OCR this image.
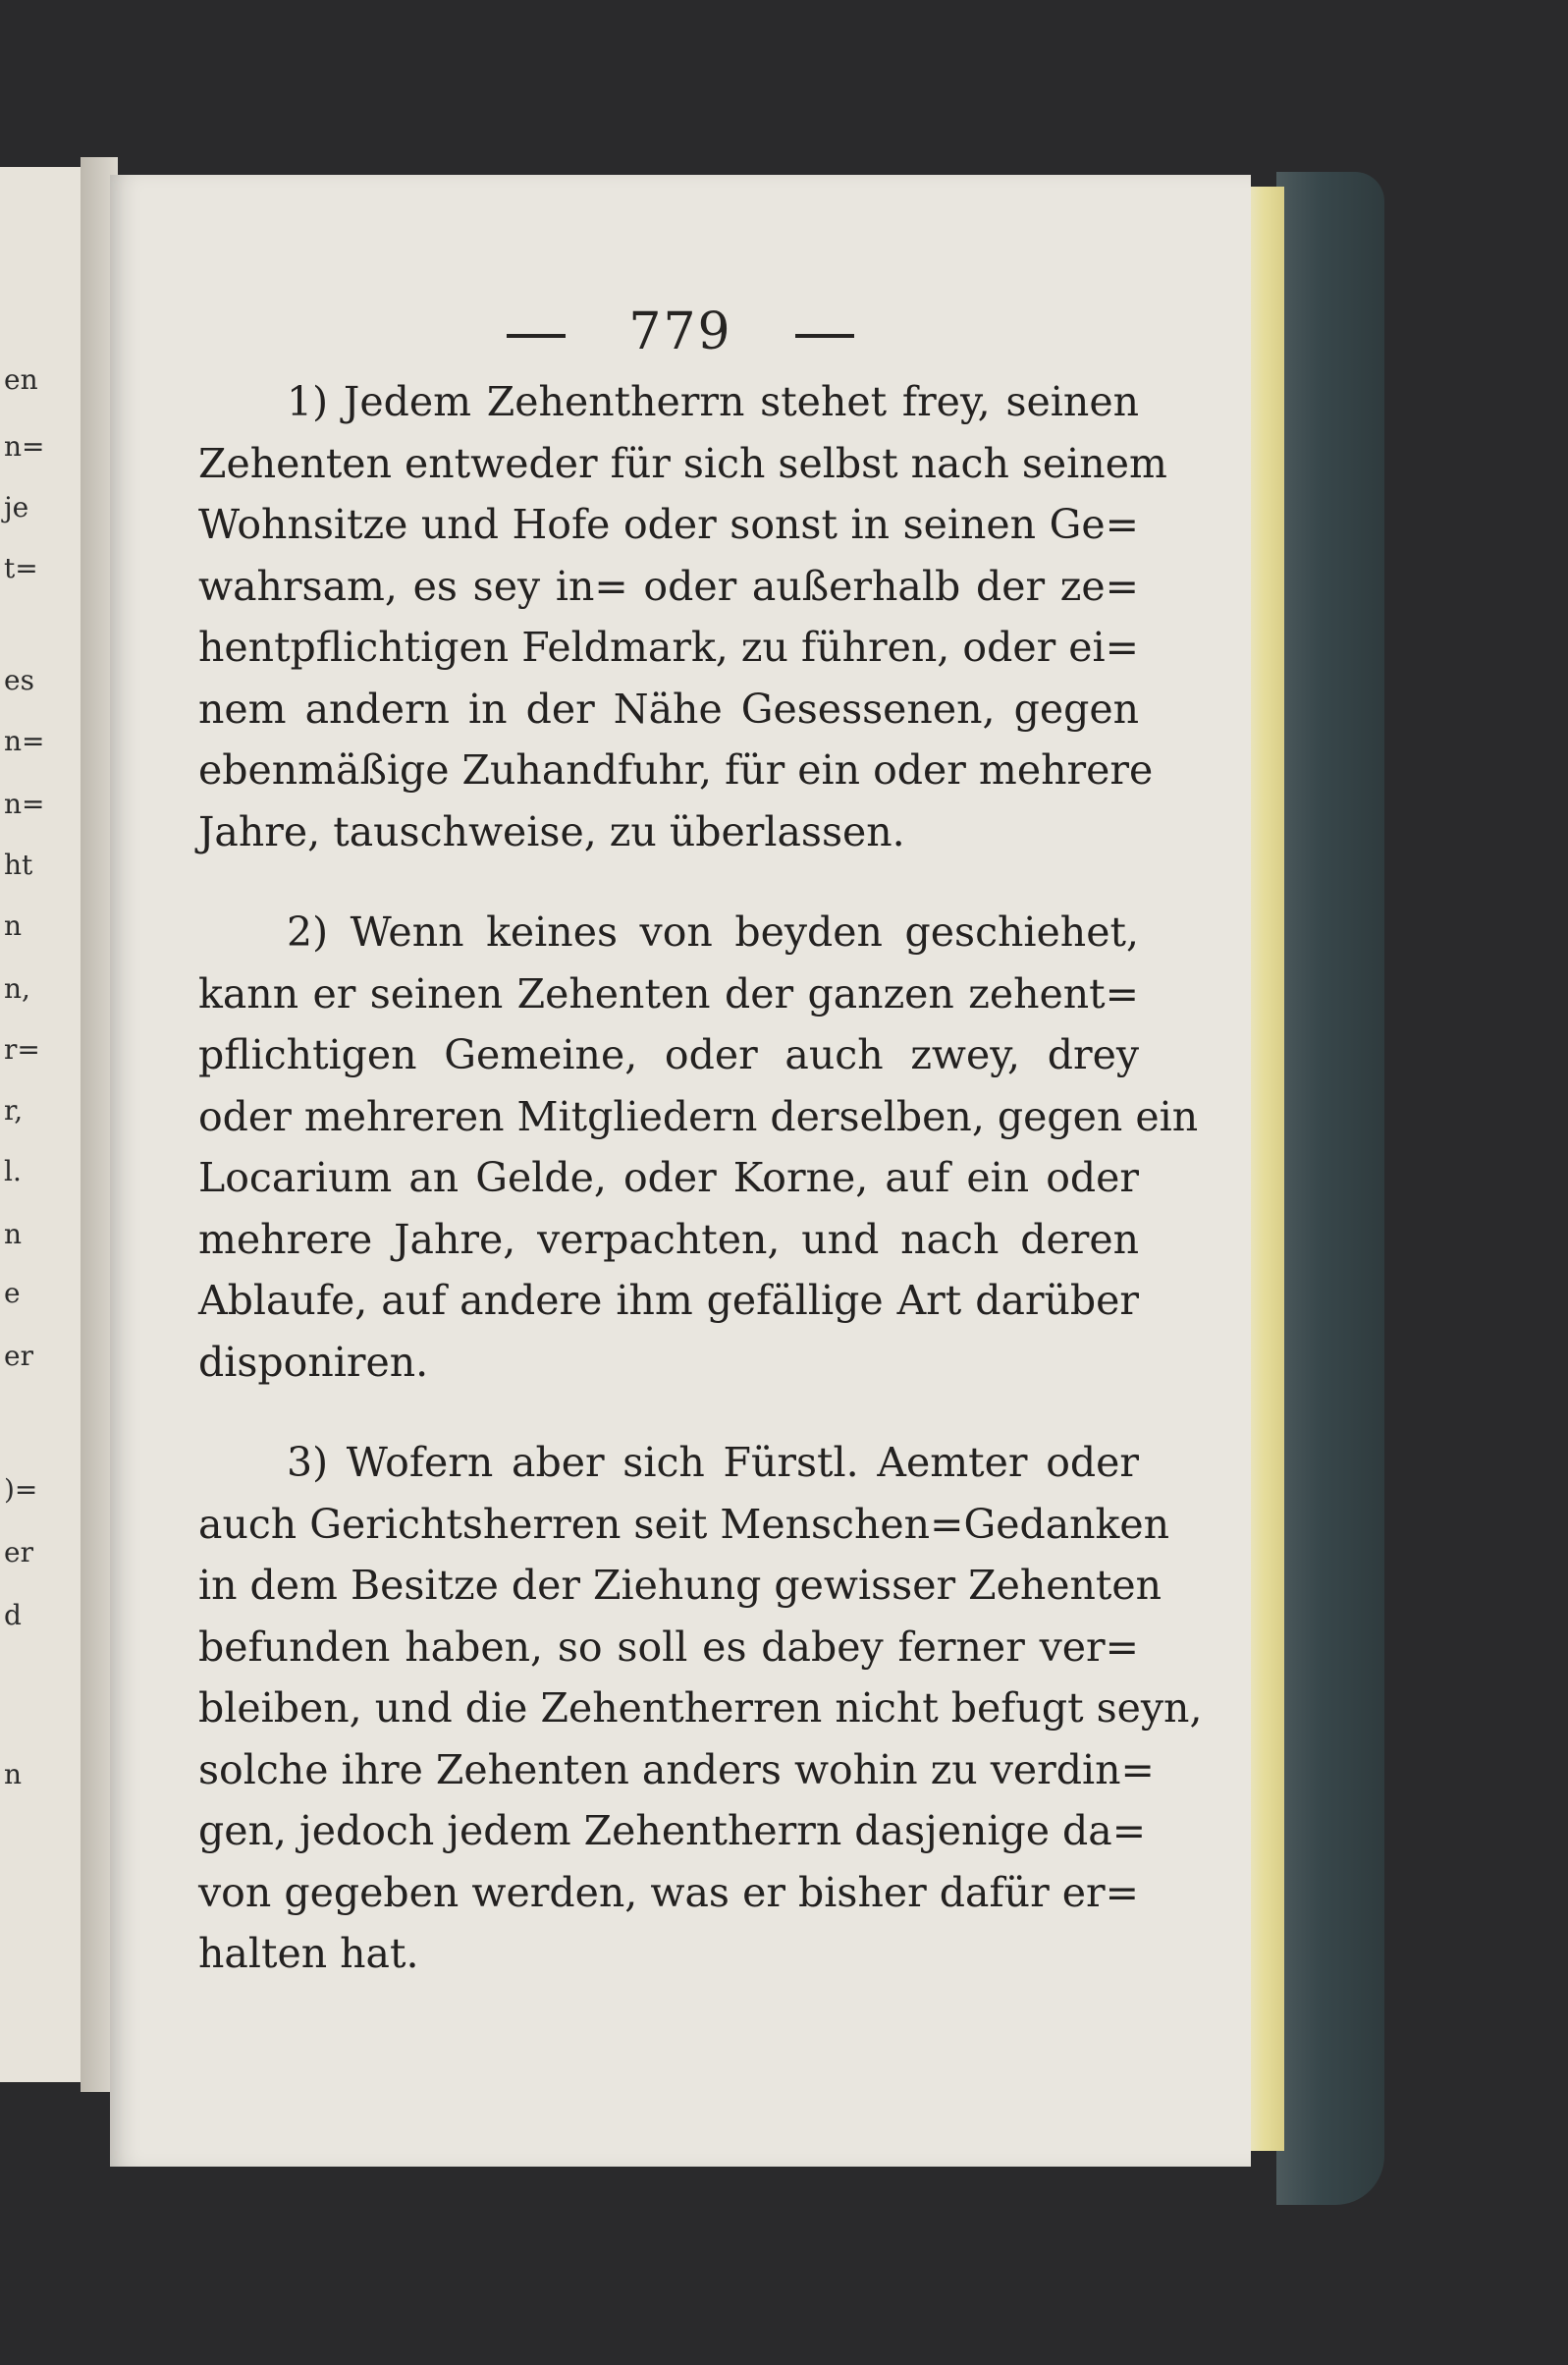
en
n=
je
t=
es
n=
n=
ht
n
n,
r=
r,
l.
n
e
er
)=
er
d
n
779
1) Jedem Zehentherrn stehet frey, seinen
Zehenten entweder für sich selbst nach seinem
Wohnsitze und Hofe oder sonst in seinen Ge=
wahrsam, es sey in= oder außerhalb der ze=
hentpflichtigen Feldmark, zu führen, oder ei=
nem andern in der Nähe Gesessenen, gegen
ebenmäßige Zuhandfuhr, für ein oder mehrere
Jahre, tauschweise, zu überlassen.
2) Wenn keines von beyden geschiehet,
kann er seinen Zehenten der ganzen zehent=
pflichtigen Gemeine, oder auch zwey, drey
oder mehreren Mitgliedern derselben, gegen ein
Locarium an Gelde, oder Korne, auf ein oder
mehrere Jahre, verpachten, und nach deren
Ablaufe, auf andere ihm gefällige Art darüber
disponiren.
3) Wofern aber sich Fürstl. Aemter oder
auch Gerichtsherren seit Menschen=Gedanken
in dem Besitze der Ziehung gewisser Zehenten
befunden haben, so soll es dabey ferner ver=
bleiben, und die Zehentherren nicht befugt seyn,
solche ihre Zehenten anders wohin zu verdin=
gen, jedoch jedem Zehentherrn dasjenige da=
von gegeben werden, was er bisher dafür er=
halten hat.
